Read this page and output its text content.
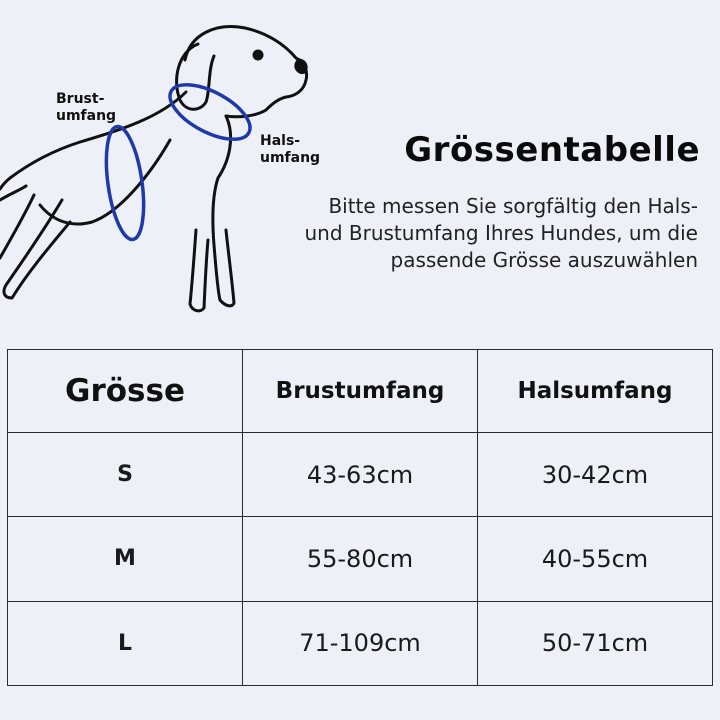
Brust-
umfang
Hals-
umfang Grössentabelle

Bitte messen Sie sorgfältig den Hals- und Brustumfang Ihres Hundes, um die passende Grösse auszuwählen

Grösse	Brustumfang	Halsumfang
S	43-63cm	30-42cm
M	55-80cm	40-55cm
L	71-109cm	50-71cm
